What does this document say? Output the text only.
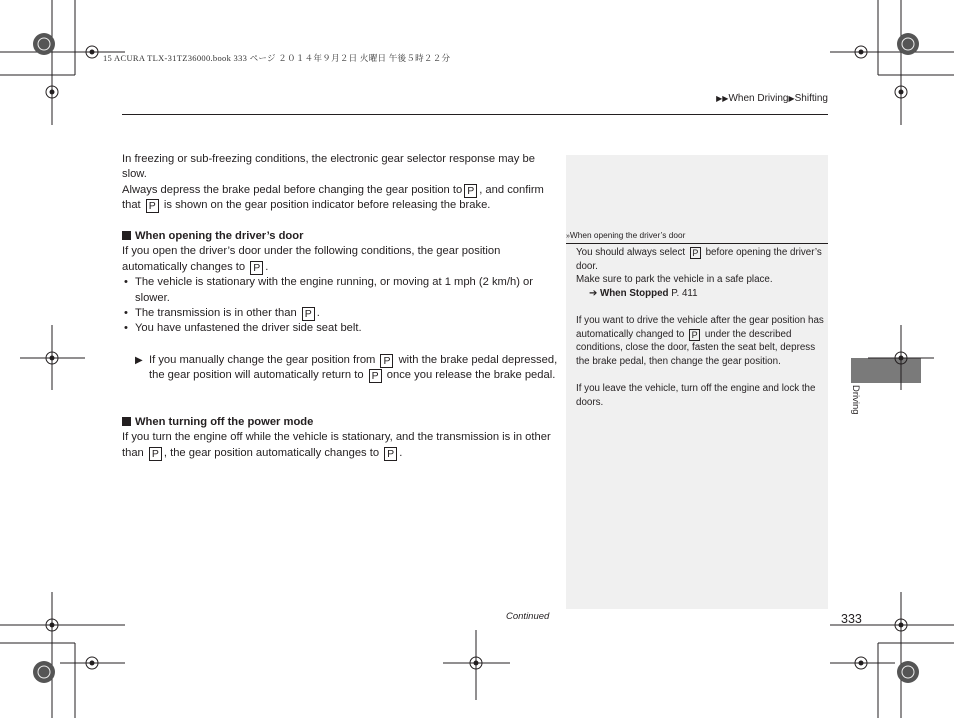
15 ACURA TLX-31TZ36000.book 333 ページ ２０１４年９月２日 火曜日 午後５時２２分
▶▶When Driving▶Shifting

In freezing or sub-freezing conditions, the electronic gear selector response may be slow.

Always depress the brake pedal before changing the gear position to P , and confirm that P is shown on the gear position indicator before releasing the brake.

When opening the driver’s door

If you open the driver’s door under the following conditions, the gear position automatically changes to P .

• The vehicle is stationary with the engine running, or moving at 1 mph (2 km/h) or slower.

• The transmission is in other than P .

• You have unfastened the driver side seat belt.

▶ If you manually change the gear position from P with the brake pedal depressed, the gear position will automatically return to P once you release the brake pedal.

When turning off the power mode

If you turn the engine off while the vehicle is stationary, and the transmission is in other than P , the gear position automatically changes to P .

»When opening the driver’s door

You should always select P before opening the driver’s door.

Make sure to park the vehicle in a safe place.

➔ When Stopped P. 411

If you want to drive the vehicle after the gear position has automatically changed to P under the described conditions, close the door, fasten the seat belt, depress the brake pedal, then change the gear position.

If you leave the vehicle, turn off the engine and lock the doors.	Driving
Continued	333
